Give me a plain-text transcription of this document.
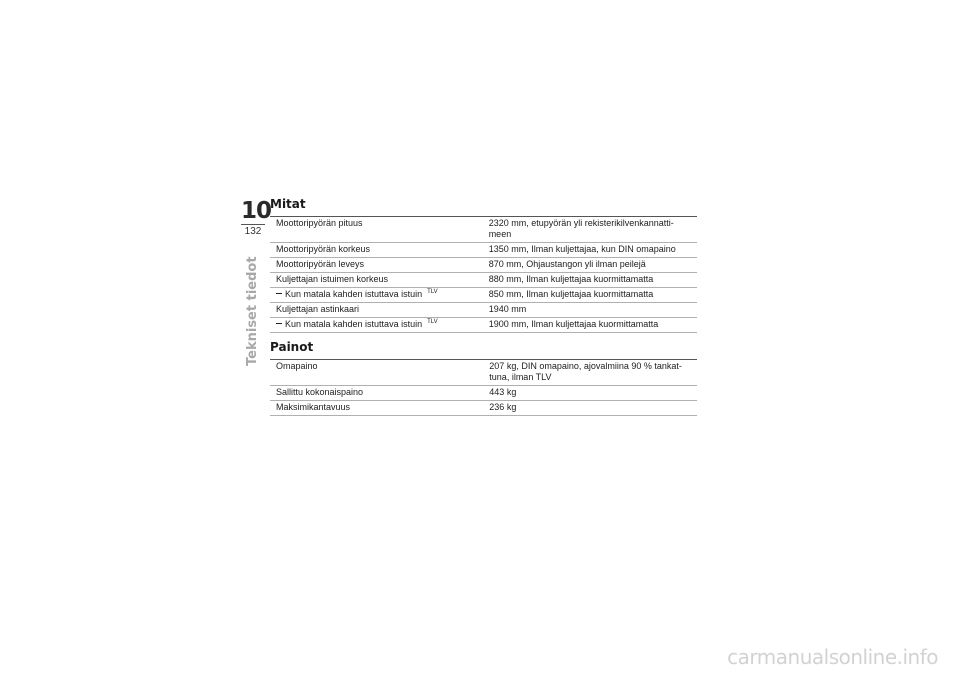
10
132
Tekniset tiedot
Mitat
Moottoripyörän pituus	2320 mm, etupyörän yli rekisterikilvenkannatti-
meen

Moottoripyörän korkeus	1350 mm, Ilman kuljettajaa, kun DIN omapaino

Moottoripyörän leveys	870 mm, Ohjaustangon yli ilman peilejä

Kuljettajan istuimen korkeus	880 mm, Ilman kuljettajaa kuormittamatta

Kun matala kahden istuttava istuin $^{TLV}$	850 mm, Ilman kuljettajaa kuormittamatta

Kuljettajan astinkaari	1940 mm

Kun matala kahden istuttava istuin $^{TLV}$	1900 mm, Ilman kuljettajaa kuormittamatta
Painot
Omapaino	207 kg, DIN omapaino, ajovalmiina 90 % tankat-
tuna, ilman TLV

Sallittu kokonaispaino	443 kg

Maksimikantavuus	236 kg
carmanualsonline.info
